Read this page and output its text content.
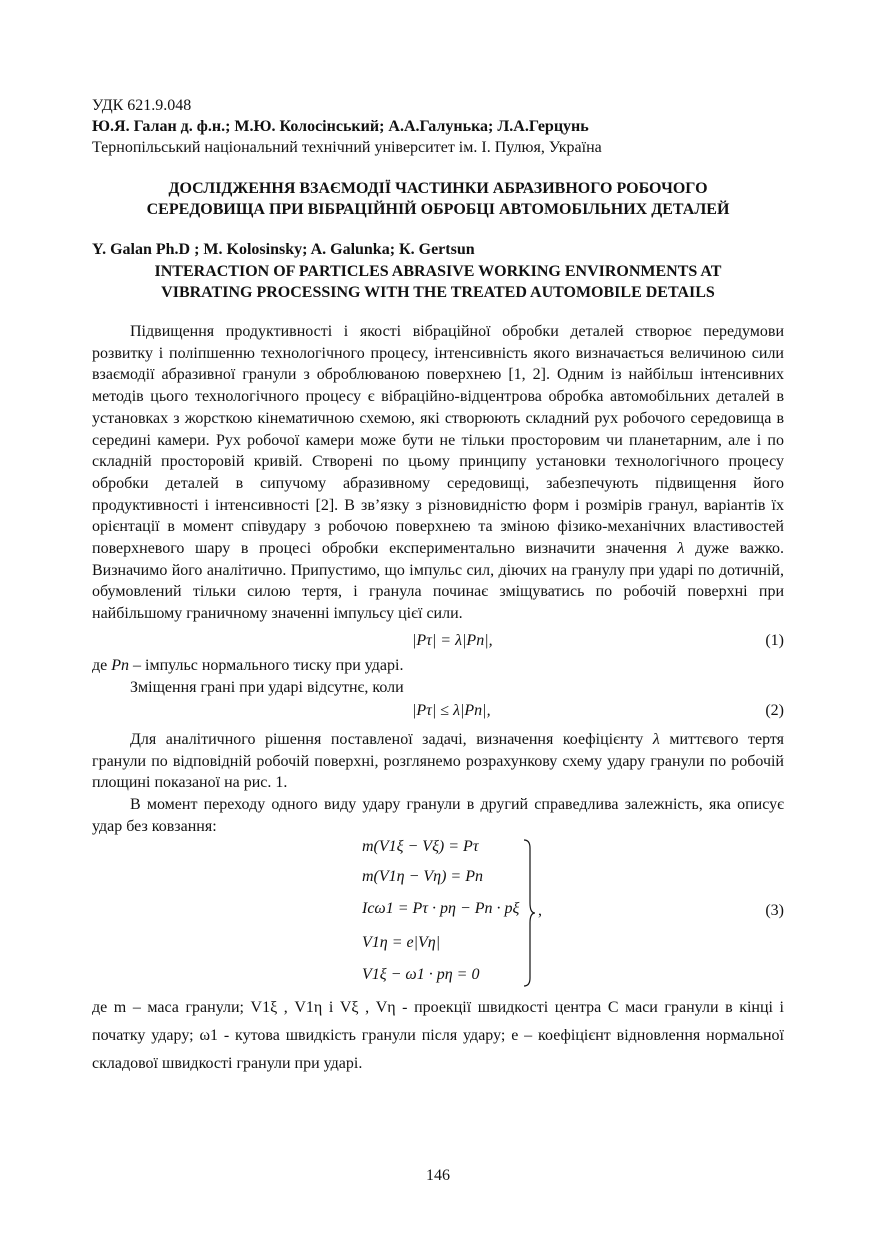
УДК 621.9.048
Ю.Я. Галан д. ф.н.; М.Ю. Колосінський; А.А.Галунька; Л.А.Герцунь
Тернопільський національний технічний університет ім. І. Пулюя, Україна
ДОСЛІДЖЕННЯ ВЗАЄМОДІЇ ЧАСТИНКИ АБРАЗИВНОГО РОБОЧОГО
СЕРЕДОВИЩА ПРИ ВІБРАЦІЙНІЙ ОБРОБЦІ АВТОМОБІЛЬНИХ ДЕТАЛЕЙ
Y. Galan Ph.D ; M. Kolosinsky; A. Galunka; К. Gertsun
INTERACTION OF PARTICLES ABRASIVE WORKING ENVIRONMENTS AT
VIBRATING PROCESSING WITH THE TREATED AUTOMOBILE DETAILS
Підвищення продуктивності і якості вібраційної обробки деталей створює передумови розвитку і поліпшенню технологічного процесу, інтенсивність якого визначається величиною сили взаємодії абразивної гранули з оброблюваною поверхнею [1, 2]. Одним із найбільш інтенсивних методів цього технологічного процесу є вібраційно-відцентрова обробка автомобільних деталей в установках з жорсткою кінематичною схемою, які створюють складний рух робочого середовища в середині камери. Рух робочої камери може бути не тільки просторовим чи планетарним, але і по складній просторовій кривій. Створені по цьому принципу установки технологічного процесу обробки деталей в сипучому абразивному середовищі, забезпечують підвищення його продуктивності і інтенсивності [2]. В зв’язку з різновидністю форм і розмірів гранул, варіантів їх орієнтації в момент співудару з робочою поверхнею та зміною фізико-механічних властивостей поверхневого шару в процесі обробки експериментально визначити значення λ дуже важко. Визначимо його аналітично. Припустимо, що імпульс сил, діючих на гранулу при ударі по дотичній, обумовлений тільки силою тертя, і гранула починає зміщуватись по робочій поверхні при найбільшому граничному значенні імпульсу цієї сили.
|Pτ| = λ|Pn|,	(1)
де Pn – імпульс нормального тиску при ударі.
Зміщення грані при ударі відсутнє, коли
|Pτ| ≤ λ|Pn|,	(2)
Для аналітичного рішення поставленої задачі, визначення коефіцієнту λ миттєвого тертя гранули по відповідній робочій поверхні, розглянемо розрахункову схему удару гранули по робочій площині показаної на рис. 1.
В момент переходу одного виду удару гранули в другий справедлива залежність, яка описує удар без ковзання:
m(V1ξ − Vξ) = Pτ
m(V1η − Vη) = Pn
Icω1 = Pτ · pη − Pn · pξ
V1η = e|Vη|
V1ξ − ω1 · pη = 0
,	(3)
де m – маса гранули; V1ξ , V1η і Vξ , Vη - проекції швидкості центра С маси гранули в кінці і початку удару; ω1 - кутова швидкість гранули після удару; e – коефіцієнт відновлення нормальної складової швидкості гранули при ударі.
146
